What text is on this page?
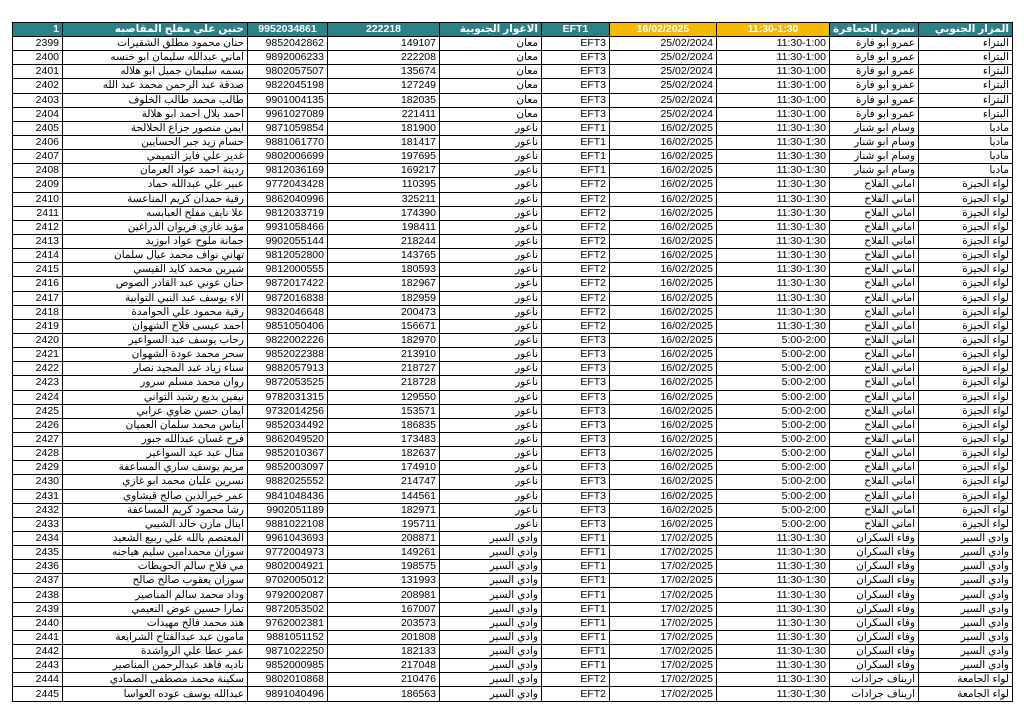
1	حنين علي مفلح المقاصبه	9952034861	222218	الاغوار الجنوبية	EFT1	16/02/2025	11:30-1:30	نسرين الجعافرة	المزار الجنوبي
2399	حنان محمود مطلق الشقيرات	9852042862	149107	معان	EFT3	25/02/2024	11:30-1:00	عمرو ابو فارة	البتراء
2400	اماني عبدالله سليمان ابو خنسه	9892006233	222208	معان	EFT3	25/02/2024	11:30-1:00	عمرو ابو فارة	البتراء
2401	بسمه سليمان جميل ابو هلاله	9802057507	135674	معان	EFT3	25/02/2024	11:30-1:00	عمرو ابو فارة	البتراء
2402	صدقة عبد الرحمن محمد عبد الله	9822045198	127249	معان	EFT3	25/02/2024	11:30-1:00	عمرو ابو فارة	البتراء
2403	طالب محمد طالب الخلوف	9901004135	182035	معان	EFT3	25/02/2024	11:30-1:00	عمرو ابو فارة	البتراء
2404	احمد بلال احمد ابو هلالة	9961027089	221411	معان	EFT3	25/02/2024	11:30-1:00	عمرو ابو فارة	البتراء
2405	ايمن منصور جزاع الحلالحة	9871059854	181900	ناعور	EFT1	16/02/2025	11:30-1:30	وسام ابو شنار	مادبا
2406	حسام زيد جبر الحسايين	9881061770	181417	ناعور	EFT1	16/02/2025	11:30-1:30	وسام ابو شنار	مادبا
2407	غدير علي فايز التميمي	9802006699	197695	ناعور	EFT1	16/02/2025	11:30-1:30	وسام ابو شنار	مادبا
2408	ردينة احمد عواد العرمان	9812036169	169217	ناعور	EFT1	16/02/2025	11:30-1:30	وسام ابو شنار	مادبا
2409	عبير علي عبدالله حماد	9772043428	110395	ناعور	EFT2	16/02/2025	11:30-1:30	اماني الفلاح	لواء الجيزة
2410	رقية حمدان كريم المناعسة	9862040996	325211	ناعور	EFT2	16/02/2025	11:30-1:30	اماني الفلاح	لواء الجيزة
2411	علا نايف مفلح العبابسه	9812033719	174390	ناعور	EFT2	16/02/2025	11:30-1:30	اماني الفلاح	لواء الجيزة
2412	مؤيد غازي فريوان الدراغين	9931058466	198411	ناعور	EFT2	16/02/2025	11:30-1:30	اماني الفلاح	لواء الجيزة
2413	جمانة ملوح عواد ابوزيد	9902055144	218244	ناعور	EFT2	16/02/2025	11:30-1:30	اماني الفلاح	لواء الجيزة
2414	تهاني نواف محمد عيال سلمان	9812052800	143765	ناعور	EFT2	16/02/2025	11:30-1:30	اماني الفلاح	لواء الجيزة
2415	شيرين محمد كايد القيسي	9812000555	180593	ناعور	EFT2	16/02/2025	11:30-1:30	اماني الفلاح	لواء الجيزة
2416	حنان عوني عبد القادر الصوص	9872017422	182967	ناعور	EFT2	16/02/2025	11:30-1:30	اماني الفلاح	لواء الجيزة
2417	الاء يوسف عبد النبي التوابية	9872016838	182959	ناعور	EFT2	16/02/2025	11:30-1:30	اماني الفلاح	لواء الجيزة
2418	رقية محمود علي الحوامدة	9832046648	200473	ناعور	EFT2	16/02/2025	11:30-1:30	اماني الفلاح	لواء الجيزة
2419	احمد عيسى فلاح الشهوان	9851050406	156671	ناعور	EFT2	16/02/2025	11:30-1:30	اماني الفلاح	لواء الجيزة
2420	رحاب يوسف عبد السواعير	9822002226	182970	ناعور	EFT3	16/02/2025	5:00-2:00	اماني الفلاح	لواء الجيزة
2421	سحر محمد عودة الشهوان	9852022388	213910	ناعور	EFT3	16/02/2025	5:00-2:00	اماني الفلاح	لواء الجيزة
2422	سناء زياد عبد المجيد نصار	9882057913	218727	ناعور	EFT3	16/02/2025	5:00-2:00	اماني الفلاح	لواء الجيزة
2423	روان محمد مسلم سرور	9872053525	218728	ناعور	EFT3	16/02/2025	5:00-2:00	اماني الفلاح	لواء الجيزة
2424	نيفين بديع رشيد الثواني	9782031315	129550	ناعور	EFT3	16/02/2025	5:00-2:00	اماني الفلاح	لواء الجيزة
2425	ايمان حسن ضاوي عرابي	9732014256	153571	ناعور	EFT3	16/02/2025	5:00-2:00	اماني الفلاح	لواء الجيزة
2426	ايناس محمد سلمان العميان	9852034492	186835	ناعور	EFT3	16/02/2025	5:00-2:00	اماني الفلاح	لواء الجيزة
2427	فرح غسان عبدالله جبور	9862049520	173483	ناعور	EFT3	16/02/2025	5:00-2:00	اماني الفلاح	لواء الجيزة
2428	منال عبد عيد السواعير	9852010367	182637	ناعور	EFT3	16/02/2025	5:00-2:00	اماني الفلاح	لواء الجيزة
2429	مريم يوسف ساري المساعفة	9852003097	174910	ناعور	EFT3	16/02/2025	5:00-2:00	اماني الفلاح	لواء الجيزة
2430	نسرين عليان محمد ابو غازي	9882025552	214747	ناعور	EFT3	16/02/2025	5:00-2:00	اماني الفلاح	لواء الجيزة
2431	عمر خيرالدين صالح قيشاوي	9841048436	144561	ناعور	EFT3	16/02/2025	5:00-2:00	اماني الفلاح	لواء الجيزة
2432	رشا محمود كريم المساعفة	9902051189	182971	ناعور	EFT3	16/02/2025	5:00-2:00	اماني الفلاح	لواء الجيزة
2433	اينال مازن خالد الشيبي	9881022108	195711	ناعور	EFT3	16/02/2025	5:00-2:00	اماني الفلاح	لواء الجيزة
2434	المعتصم بالله علي ربيع الشعيد	9961043693	208871	وادي السير	EFT1	17/02/2025	11:30-1:30	وفاء السكران	وادي السير
2435	سوزان محمدامين سليم هياجنه	9772004973	149261	وادي السير	EFT1	17/02/2025	11:30-1:30	وفاء السكران	وادي السير
2436	مي فلاح سالم الحويطات	9802004921	198575	وادي السير	EFT1	17/02/2025	11:30-1:30	وفاء السكران	وادي السير
2437	سوزان يعقوب صالح صالح	9702005012	131993	وادي السير	EFT1	17/02/2025	11:30-1:30	وفاء السكران	وادي السير
2438	وداد محمد سالم المناصير	9792002087	208981	وادي السير	EFT1	17/02/2025	11:30-1:30	وفاء السكران	وادي السير
2439	تمارا حسين عوض النعيمي	9872053502	167007	وادي السير	EFT1	17/02/2025	11:30-1:30	وفاء السكران	وادي السير
2440	هند محمد فالح مهيدات	9762002381	203573	وادي السير	EFT1	17/02/2025	11:30-1:30	وفاء السكران	وادي السير
2441	مأمون عبد عبدالفتاح الشرايعة	9881051152	201808	وادي السير	EFT1	17/02/2025	11:30-1:30	وفاء السكران	وادي السير
2442	عمر عطا علي الرواشدة	9871022250	182133	وادي السير	EFT1	17/02/2025	11:30-1:30	وفاء السكران	وادي السير
2443	ناديه فاهد عبدالرحمن المناصير	9852000985	217048	وادي السير	EFT1	17/02/2025	11:30-1:30	وفاء السكران	وادي السير
2444	سكينة محمد مصطفى الصمادي	9802010868	210476	وادي السير	EFT2	17/02/2025	11:30-1:30	اريناف جرادات	لواء الجامعة
2445	عبدالله يوسف عوده العواسا	9891040496	186563	وادي السير	EFT2	17/02/2025	11:30-1:30	اريناف جرادات	لواء الجامعة
